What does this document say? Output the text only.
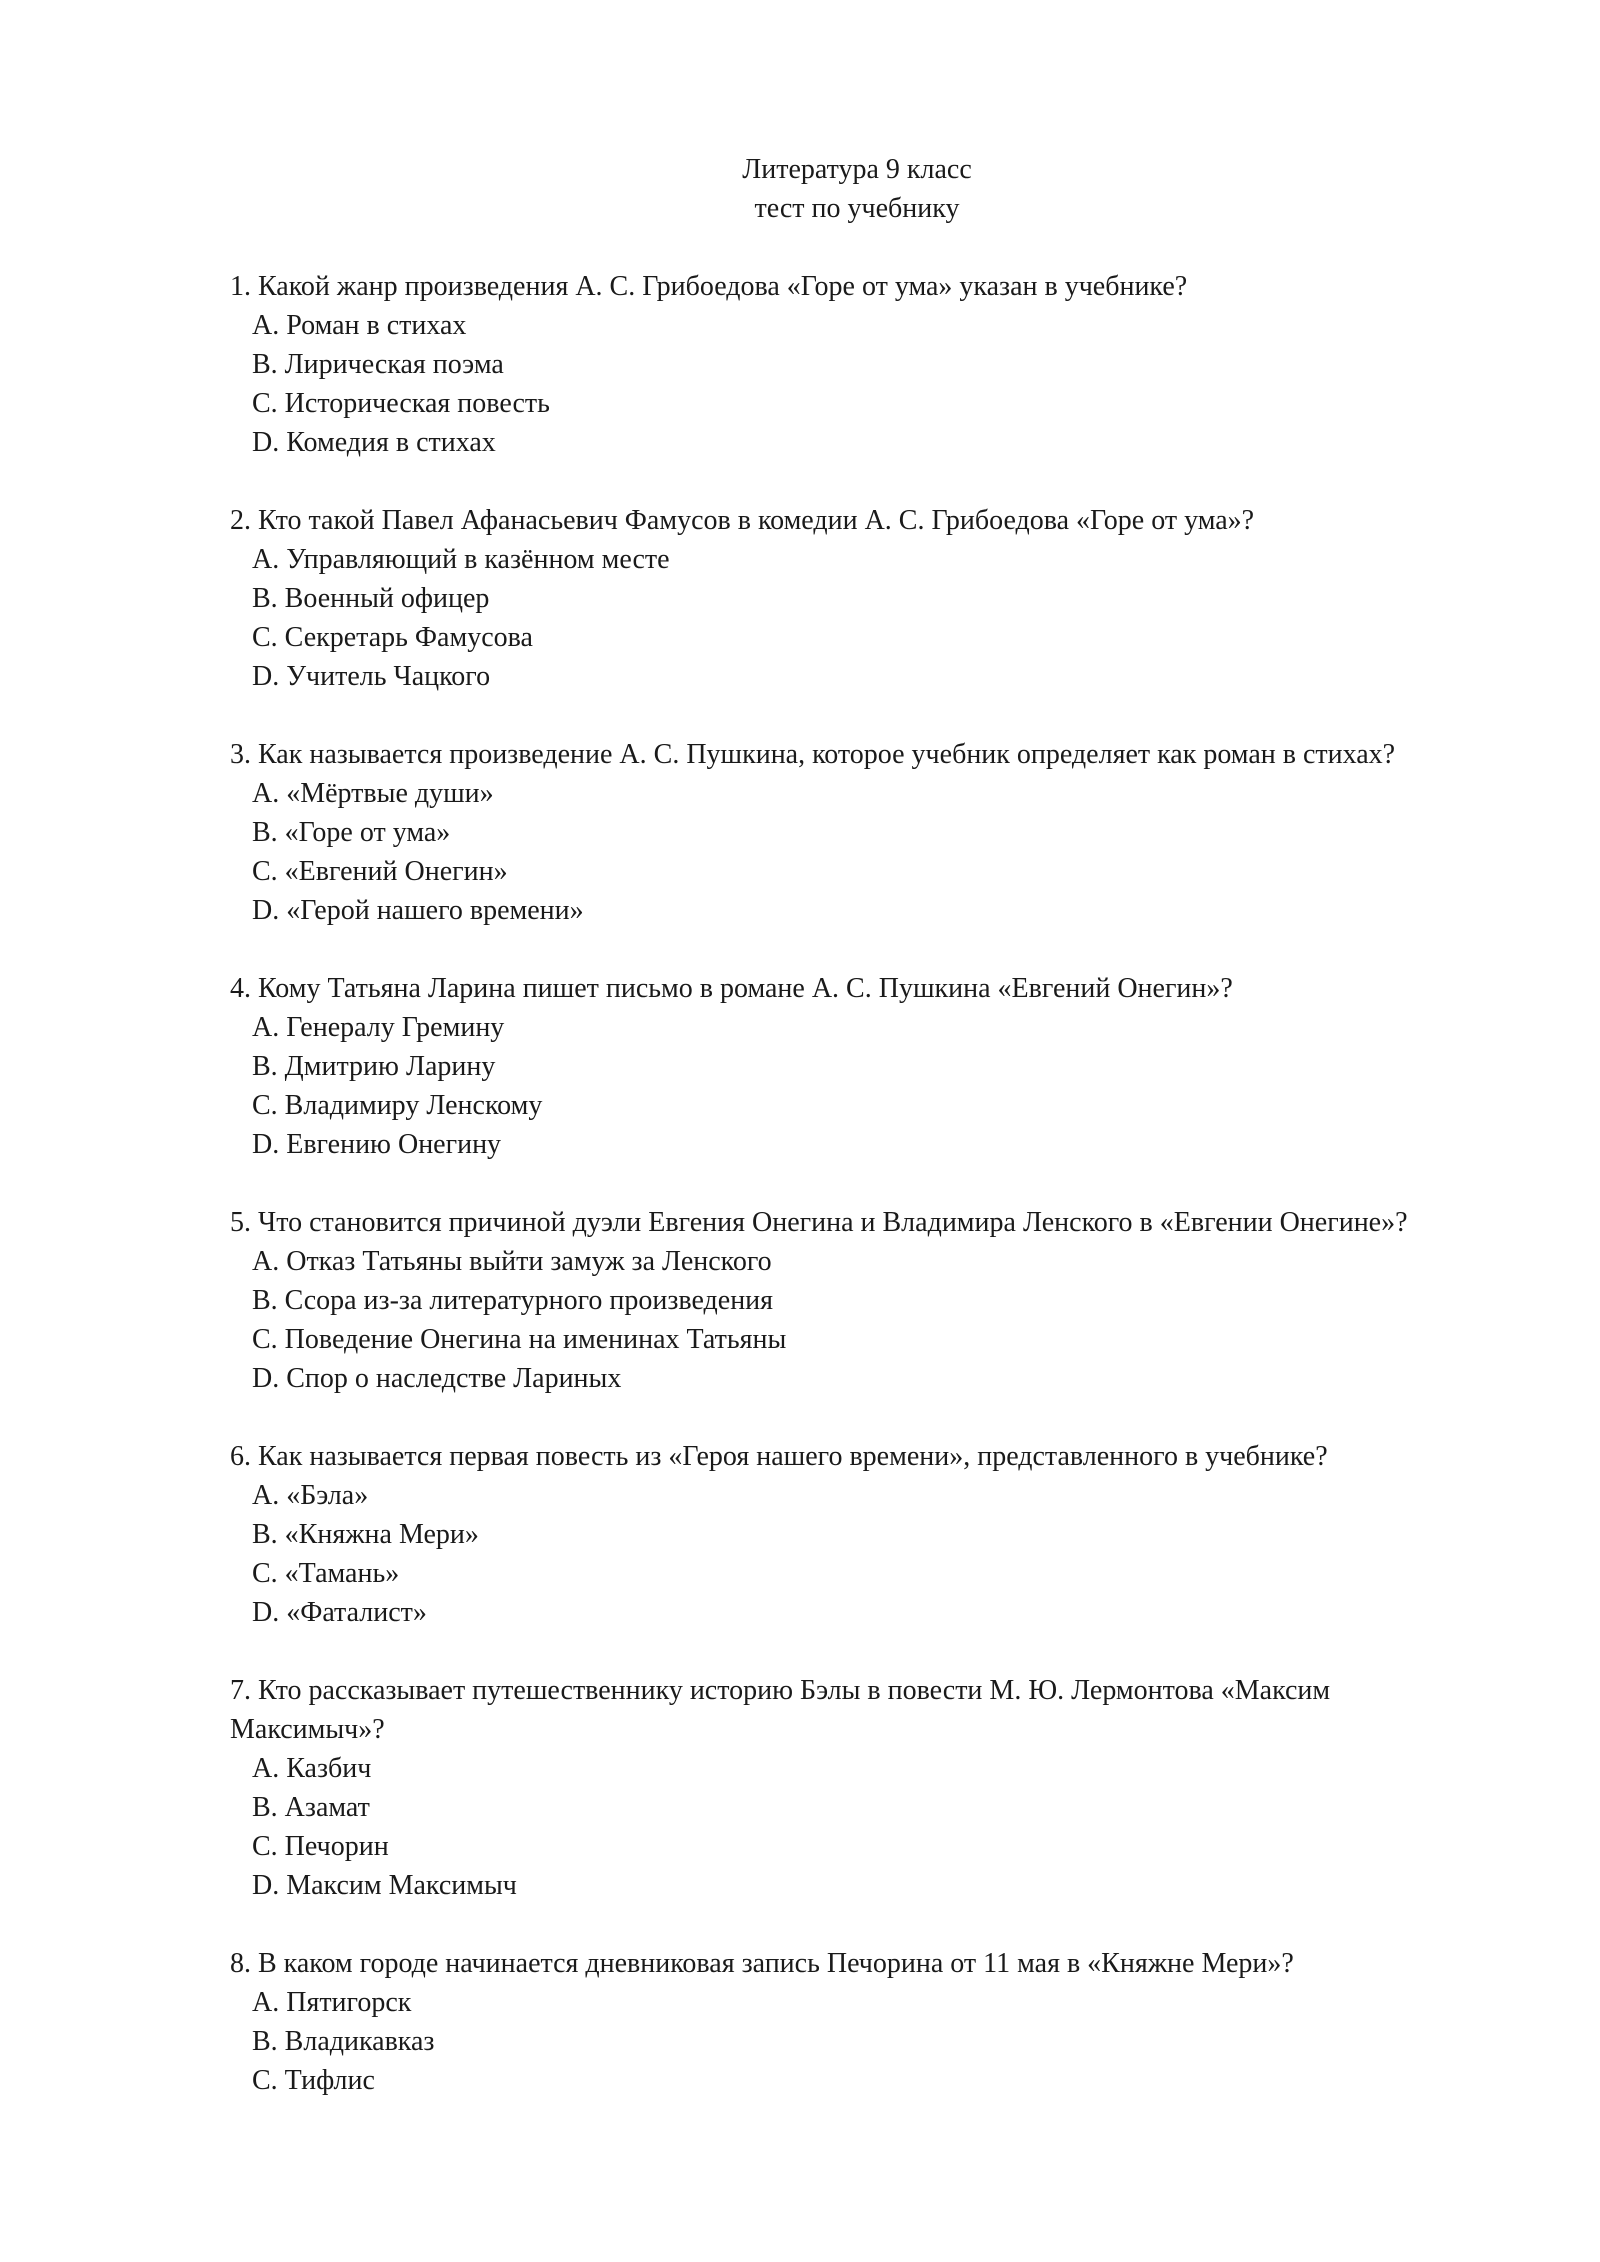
Литература 9 класс
тест по учебнику
1. Какой жанр произведения А. С. Грибоедова «Горе от ума» указан в учебнике?
A. Роман в стихах
B. Лирическая поэма
C. Историческая повесть
D. Комедия в стихах
2. Кто такой Павел Афанасьевич Фамусов в комедии А. С. Грибоедова «Горе от ума»?
A. Управляющий в казённом месте
B. Военный офицер
C. Секретарь Фамусова
D. Учитель Чацкого
3. Как называется произведение А. С. Пушкина, которое учебник определяет как роман в стихах?
A. «Мёртвые души»
B. «Горе от ума»
C. «Евгений Онегин»
D. «Герой нашего времени»
4. Кому Татьяна Ларина пишет письмо в романе А. С. Пушкина «Евгений Онегин»?
A. Генералу Гремину
B. Дмитрию Ларину
C. Владимиру Ленскому
D. Евгению Онегину
5. Что становится причиной дуэли Евгения Онегина и Владимира Ленского в «Евгении Онегине»?
A. Отказ Татьяны выйти замуж за Ленского
B. Ссора из-за литературного произведения
C. Поведение Онегина на именинах Татьяны
D. Спор о наследстве Лариных
6. Как называется первая повесть из «Героя нашего времени», представленного в учебнике?
A. «Бэла»
B. «Княжна Мери»
C. «Тамань»
D. «Фаталист»
7. Кто рассказывает путешественнику историю Бэлы в повести М. Ю. Лермонтова «Максим Максимыч»?
A. Казбич
B. Азамат
C. Печорин
D. Максим Максимыч
8. В каком городе начинается дневниковая запись Печорина от 11 мая в «Княжне Мери»?
A. Пятигорск
B. Владикавказ
C. Тифлис
